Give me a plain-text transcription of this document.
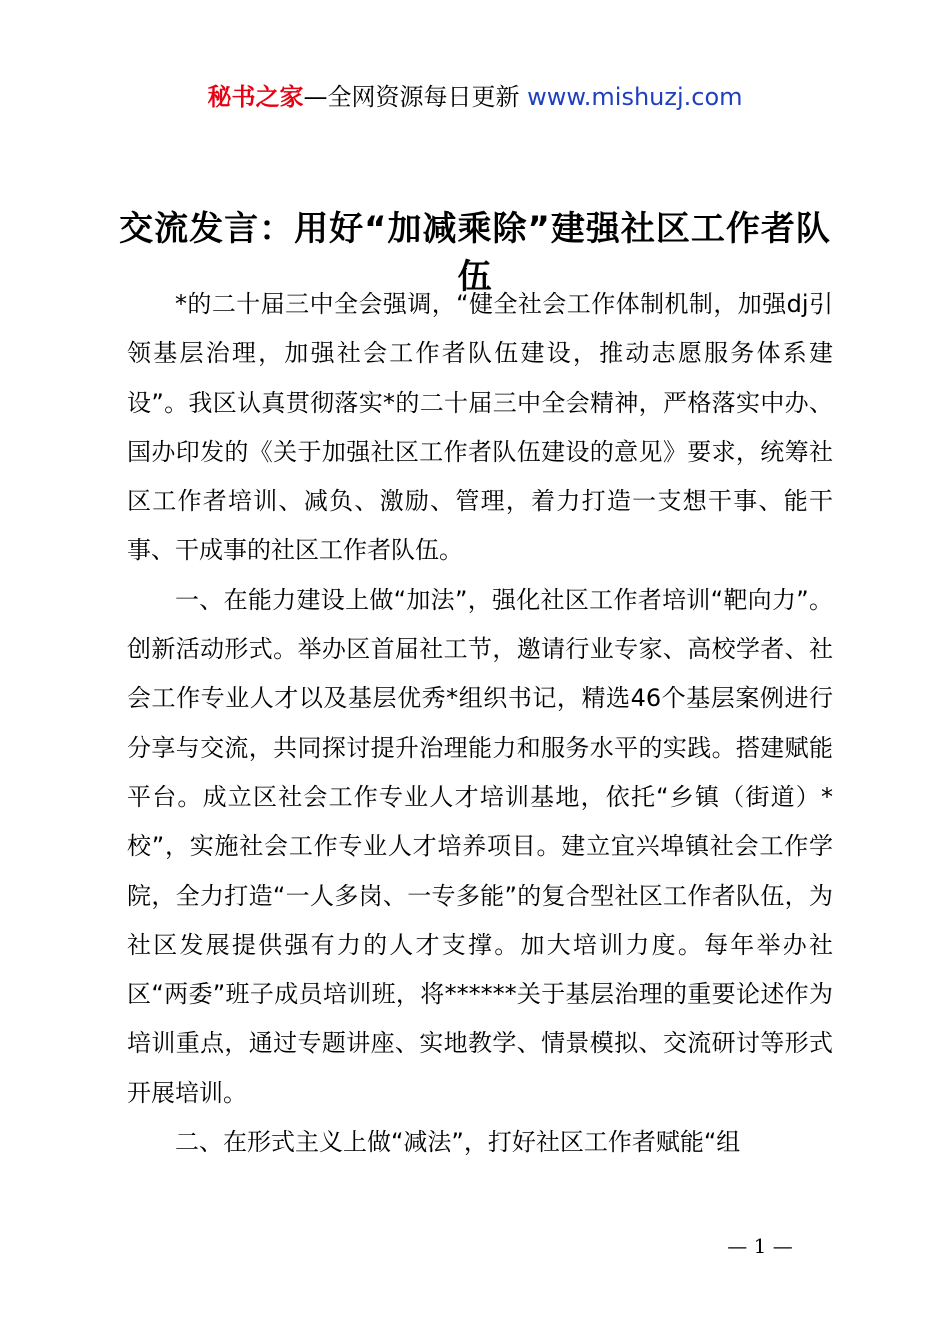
秘书之家—全网资源每日更新 www.mishuzj.com
交流发言：用好“加减乘除”建强社区工作者队伍

*的二十届三中全会强调，“健全社会工作体制机制，加强dj引领基层治理，加强社会工作者队伍建设，推动志愿服务体系建设”。我区认真贯彻落实*的二十届三中全会精神，严格落实中办、国办印发的《关于加强社区工作者队伍建设的意见》要求，统筹社区工作者培训、减负、激励、管理，着力打造一支想干事、能干事、干成事的社区工作者队伍。

一、在能力建设上做“加法”，强化社区工作者培训“靶向力”。创新活动形式。举办区首届社工节，邀请行业专家、高校学者、社会工作专业人才以及基层优秀*组织书记，精选46个基层案例进行分享与交流，共同探讨提升治理能力和服务水平的实践。搭建赋能平台。成立区社会工作专业人才培训基地，依托“乡镇（街道）*校”，实施社会工作专业人才培养项目。建立宜兴埠镇社会工作学院，全力打造“一人多岗、一专多能”的复合型社区工作者队伍，为社区发展提供强有力的人才支撑。加大培训力度。每年举办社区“两委”班子成员培训班，将******关于基层治理的重要论述作为培训重点，通过专题讲座、实地教学、情景模拟、交流研讨等形式开展培训。

二、在形式主义上做“减法”，打好社区工作者赋能“组

— 1 —
